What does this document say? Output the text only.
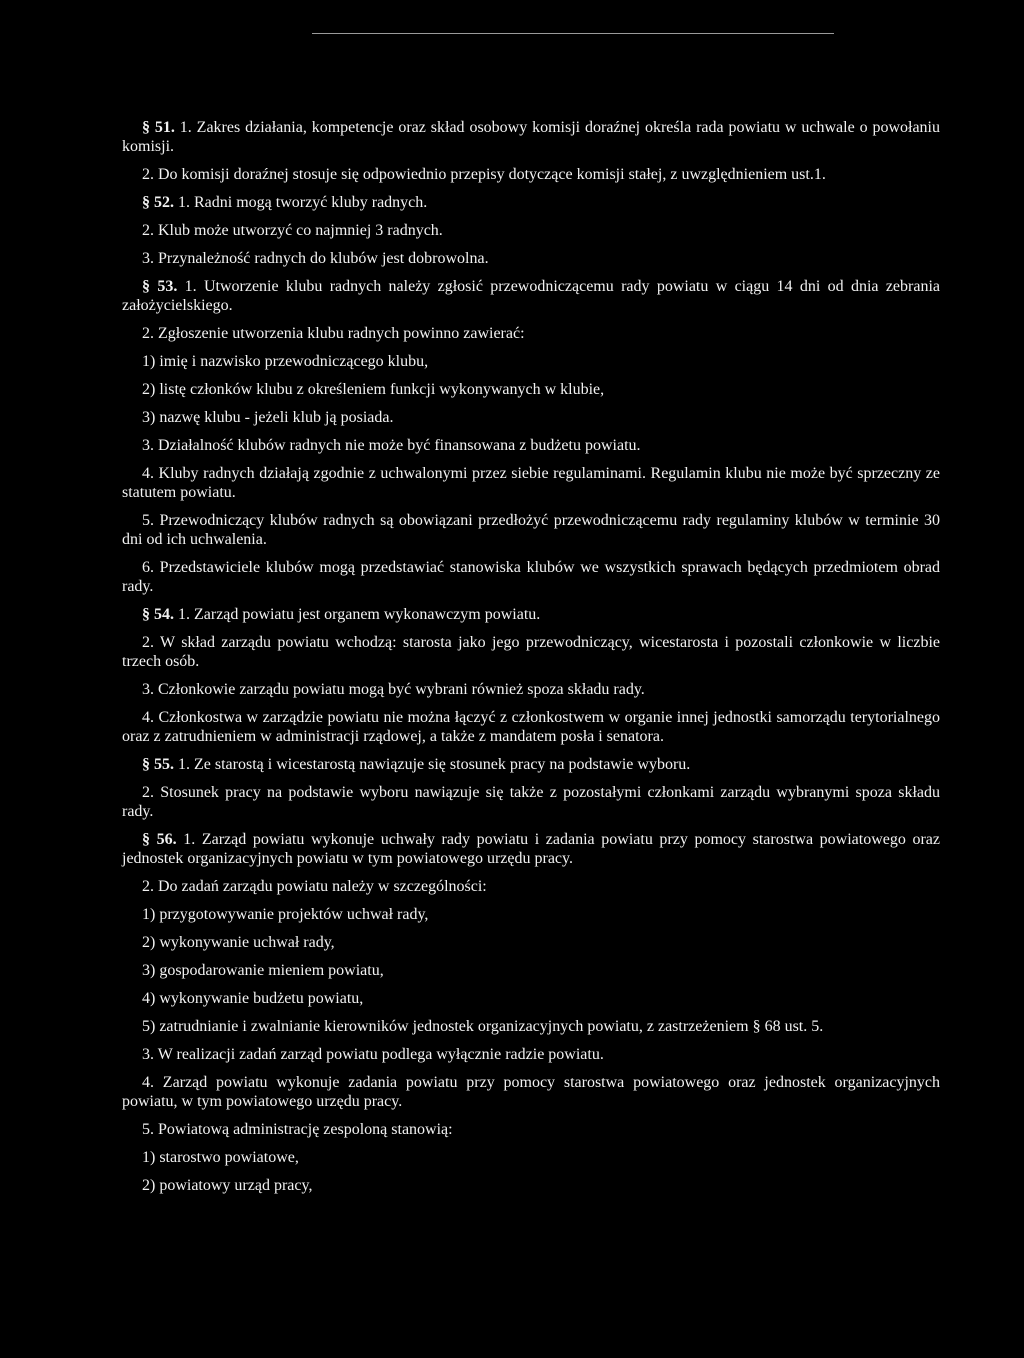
§ 51. 1. Zakres działania, kompetencje oraz skład osobowy komisji doraźnej określa rada powiatu w uchwale o powołaniu komisji.

2. Do komisji doraźnej stosuje się odpowiednio przepisy dotyczące komisji stałej, z uwzględnieniem ust.1.

§ 52. 1. Radni mogą tworzyć kluby radnych.

2. Klub może utworzyć co najmniej 3 radnych.

3. Przynależność radnych do klubów jest dobrowolna.

§ 53. 1. Utworzenie klubu radnych należy zgłosić przewodniczącemu rady powiatu w ciągu 14 dni od dnia zebrania założycielskiego.

2. Zgłoszenie utworzenia klubu radnych powinno zawierać:

1) imię i nazwisko przewodniczącego klubu,

2) listę członków klubu z określeniem funkcji wykonywanych w klubie,

3) nazwę klubu - jeżeli klub ją posiada.

3. Działalność klubów radnych nie może być finansowana z budżetu powiatu.

4. Kluby radnych działają zgodnie z uchwalonymi przez siebie regulaminami. Regulamin klubu nie może być sprzeczny ze statutem powiatu.

5. Przewodniczący klubów radnych są obowiązani przedłożyć przewodniczącemu rady regulaminy klubów w terminie 30 dni od ich uchwalenia.

6. Przedstawiciele klubów mogą przedstawiać stanowiska klubów we wszystkich sprawach będących przedmiotem obrad rady.

§ 54. 1. Zarząd powiatu jest organem wykonawczym powiatu.

2. W skład zarządu powiatu wchodzą: starosta jako jego przewodniczący, wicestarosta i pozostali członkowie w liczbie trzech osób.

3. Członkowie zarządu powiatu mogą być wybrani również spoza składu rady.

4. Członkostwa w zarządzie powiatu nie można łączyć z członkostwem w organie innej jednostki samorządu terytorialnego oraz z zatrudnieniem w administracji rządowej, a także z mandatem posła i senatora.

§ 55. 1. Ze starostą i wicestarostą nawiązuje się stosunek pracy na podstawie wyboru.

2. Stosunek pracy na podstawie wyboru nawiązuje się także z pozostałymi członkami zarządu wybranymi spoza składu rady.

§ 56. 1. Zarząd powiatu wykonuje uchwały rady powiatu i zadania powiatu przy pomocy starostwa powiatowego oraz jednostek organizacyjnych powiatu w tym powiatowego urzędu pracy.

2. Do zadań zarządu powiatu należy w szczególności:

1) przygotowywanie projektów uchwał rady,

2) wykonywanie uchwał rady,

3) gospodarowanie mieniem powiatu,

4) wykonywanie budżetu powiatu,

5) zatrudnianie i zwalnianie kierowników jednostek organizacyjnych powiatu, z zastrzeżeniem § 68 ust. 5.

3. W realizacji zadań zarząd powiatu podlega wyłącznie radzie powiatu.

4. Zarząd powiatu wykonuje zadania powiatu przy pomocy starostwa powiatowego oraz jednostek organizacyjnych powiatu, w tym powiatowego urzędu pracy.

5. Powiatową administrację zespoloną stanowią:

1) starostwo powiatowe,

2) powiatowy urząd pracy,
